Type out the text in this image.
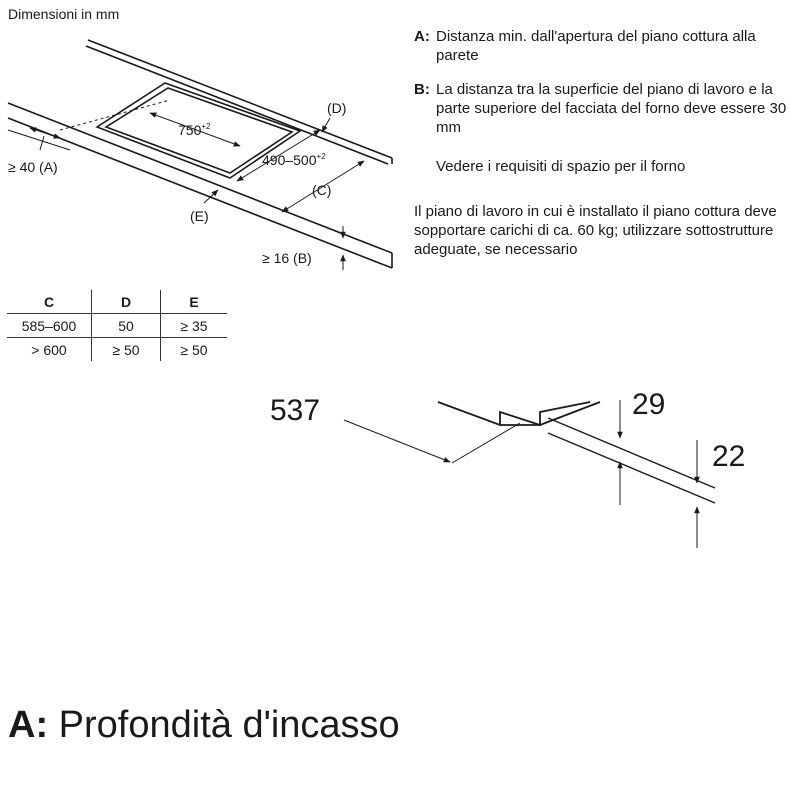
Dimensioni in mm
$750^{+2}$
$490-500^{+2}$
(D)
(C)
(E)
≥ 40 (A)
≥ 16 (B)
537	29
22
C	D	E
585–600	50	≥ 35
> 600	≥ 50	≥ 50
A: Distanza min. dall'apertura del piano cottura alla parete
B: La distanza tra la superficie del piano di lavoro e la parte superiore del facciata del forno deve essere 30 mm
Vedere i requisiti di spazio per il forno
Il piano di lavoro in cui è installato il piano cottura deve sopportare carichi di ca. 60 kg; utilizzare sottostrutture adeguate, se necessario
A: Profondità d'incasso
